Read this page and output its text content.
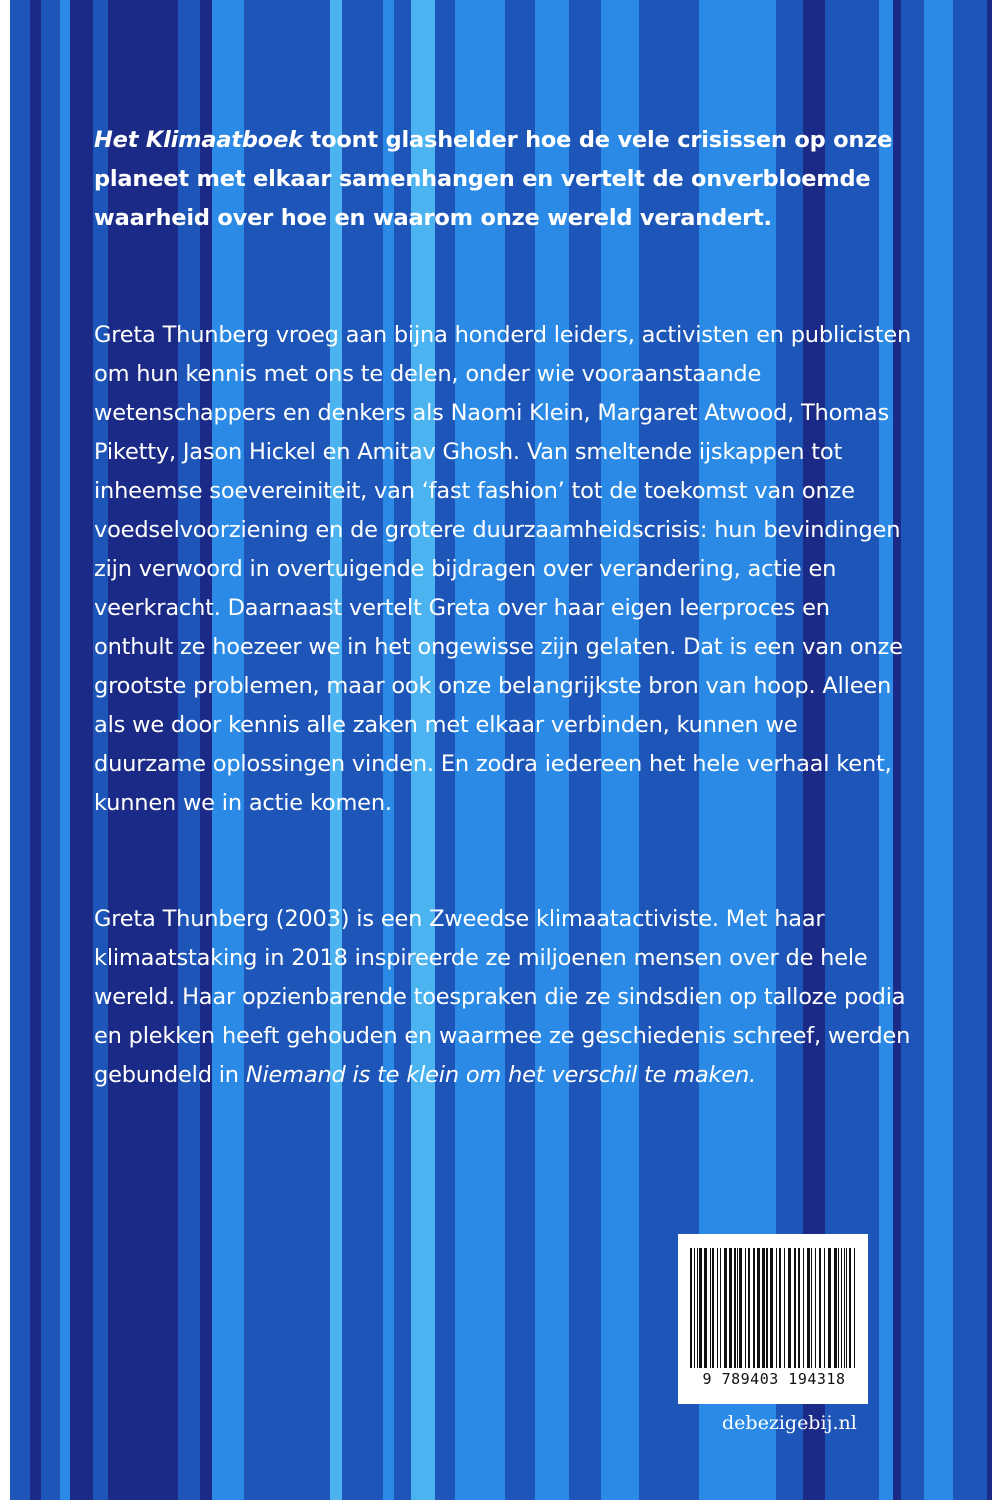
Het Klimaatboek toont glashelder hoe de vele crisissen op onze planeet met elkaar samenhangen en vertelt de onverbloemde waarheid over hoe en waarom onze wereld verandert.

Greta Thunberg vroeg aan bijna honderd leiders, activisten en publicisten om hun kennis met ons te delen, onder wie vooraanstaande wetenschappers en denkers als Naomi Klein, Margaret Atwood, Thomas Piketty, Jason Hickel en Amitav Ghosh. Van smeltende ijskappen tot inheemse soevereiniteit, van ‘fast fashion’ tot de toekomst van onze voedselvoorziening en de grotere duurzaamheidscrisis: hun bevindingen zijn verwoord in overtuigende bijdragen over verandering, actie en veerkracht. Daarnaast vertelt Greta over haar eigen leerproces en onthult ze hoezeer we in het ongewisse zijn gelaten. Dat is een van onze grootste problemen, maar ook onze belangrijkste bron van hoop. Alleen als we door kennis alle zaken met elkaar verbinden, kunnen we duurzame oplossingen vinden. En zodra iedereen het hele verhaal kent, kunnen we in actie komen.

Greta Thunberg (2003) is een Zweedse klimaatactiviste. Met haar klimaatstaking in 2018 inspireerde ze miljoenen mensen over de hele wereld. Haar opzienbarende toespraken die ze sindsdien op talloze podia en plekken heeft gehouden en waarmee ze geschiedenis schreef, werden gebundeld in Niemand is te klein om het verschil te maken.

9 789403 194318
debezigebij.nl
